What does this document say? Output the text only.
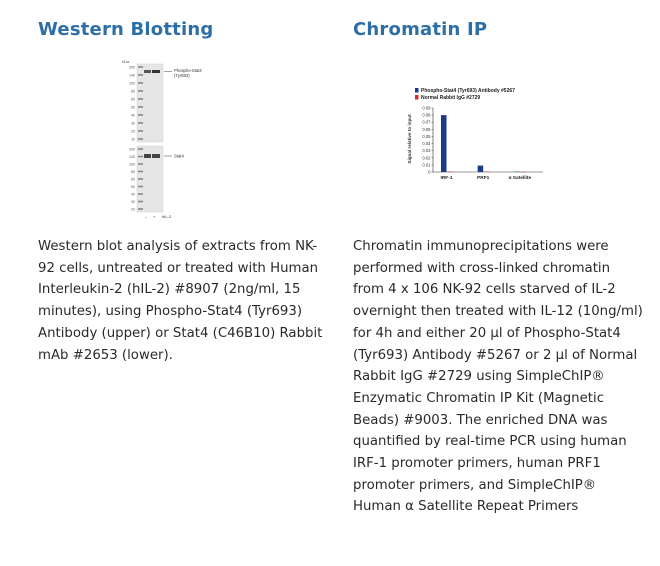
Western Blotting
kDa
200
140
100
80
60
50
40
30
20
10
Phospho-Stat4
(Tyr693)
200
140
100
80
60
50
40
30
20
Stat4
– + hIL-2

Western blot analysis of extracts from NK-92 cells, untreated or treated with Human Interleukin-2 (hIL-2) #8907 (2ng/ml, 15 minutes), using Phospho-Stat4 (Tyr693) Antibody (upper) or Stat4 (C46B10) Rabbit mAb #2653 (lower).

Chromatin IP
Phospho-Stat4 (Tyr693) Antibody #5267
Normal Rabbit IgG #2729
Signal relative to input
0
0.01
0.02
0.03
0.04
0.05
0.06
0.07
0.08
0.09
IRF-1	PRF1	α Satellite

Chromatin immunoprecipitations were performed with cross-linked chromatin from 4 x 106 NK-92 cells starved of IL-2 overnight then treated with IL-12 (10ng/ml) for 4h and either 20 µl of Phospho-Stat4 (Tyr693) Antibody #5267 or 2 µl of Normal Rabbit IgG #2729 using SimpleChIP® Enzymatic Chromatin IP Kit (Magnetic Beads) #9003. The enriched DNA was quantified by real-time PCR using human IRF-1 promoter primers, human PRF1 promoter primers, and SimpleChIP® Human α Satellite Repeat Primers
